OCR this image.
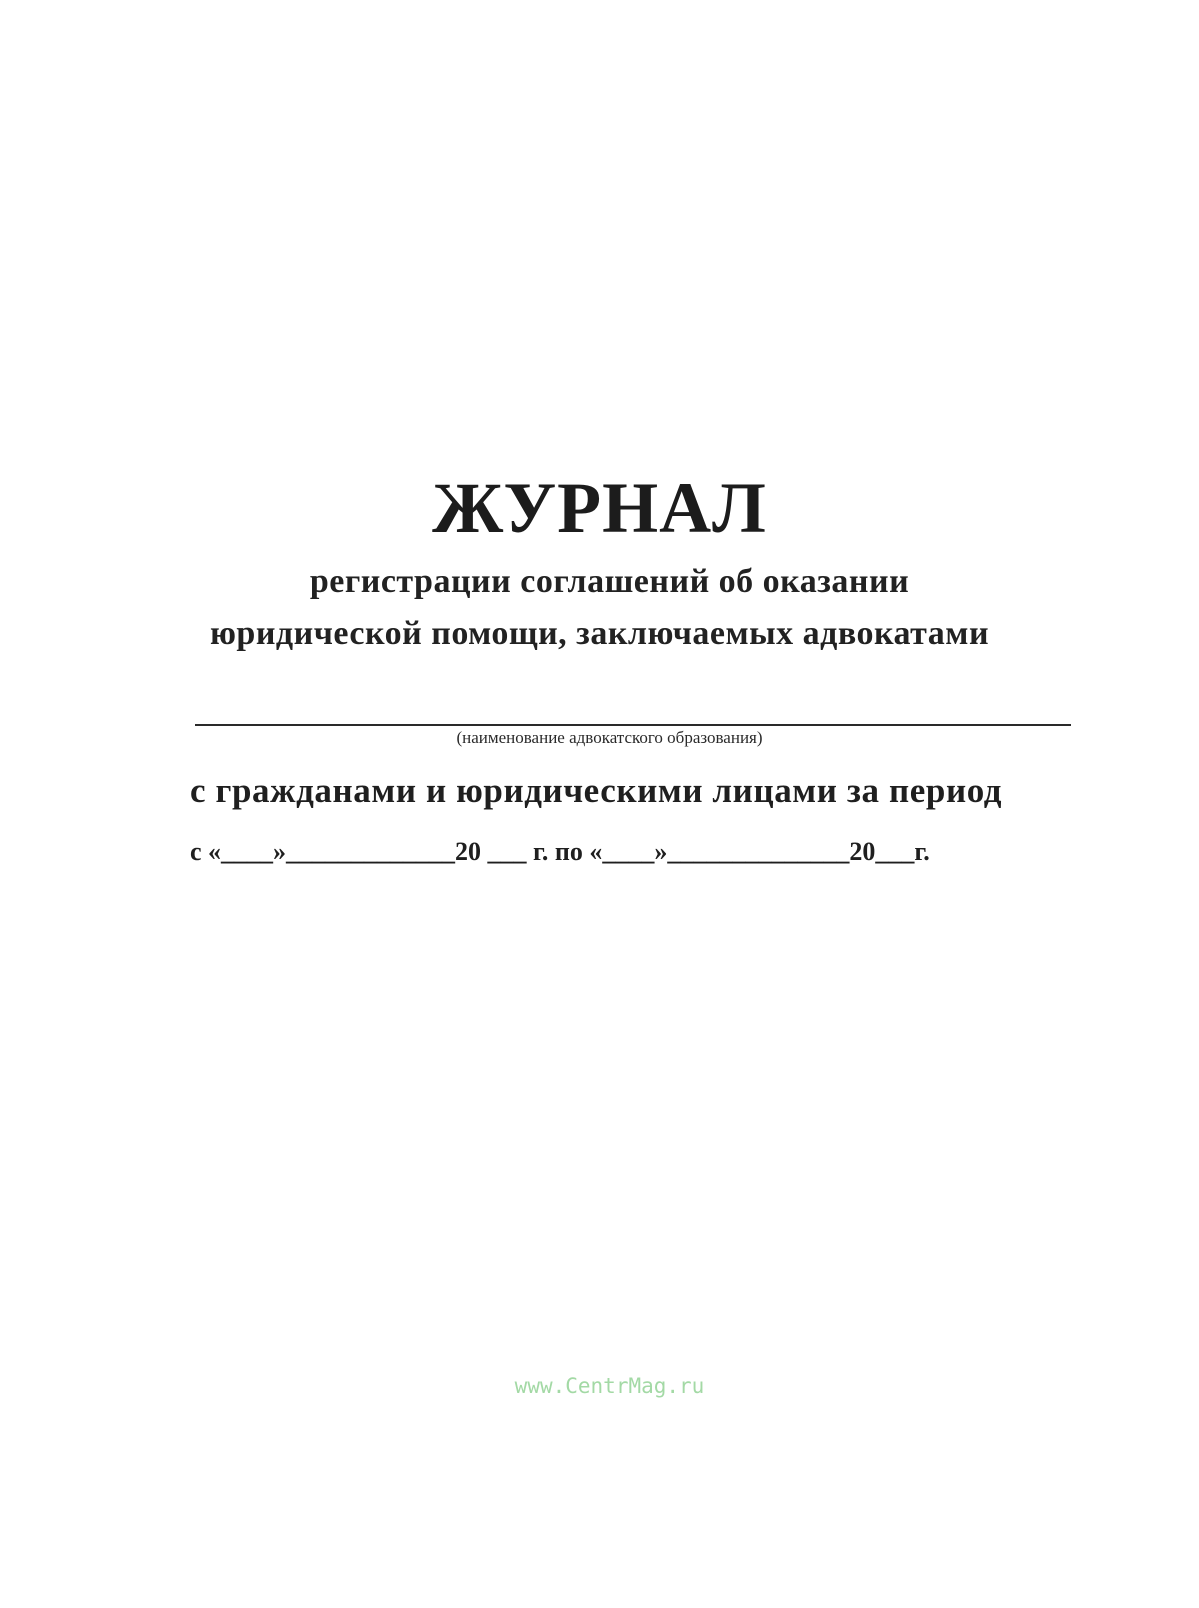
ЖУРНАЛ
регистрации соглашений об оказании
юридической помощи, заключаемых адвокатами
(наименование адвокатского образования)
с гражданами и юридическими лицами за период
с «____»_____________20 ___ г. по «____»______________20___г.
www.CentrMag.ru
